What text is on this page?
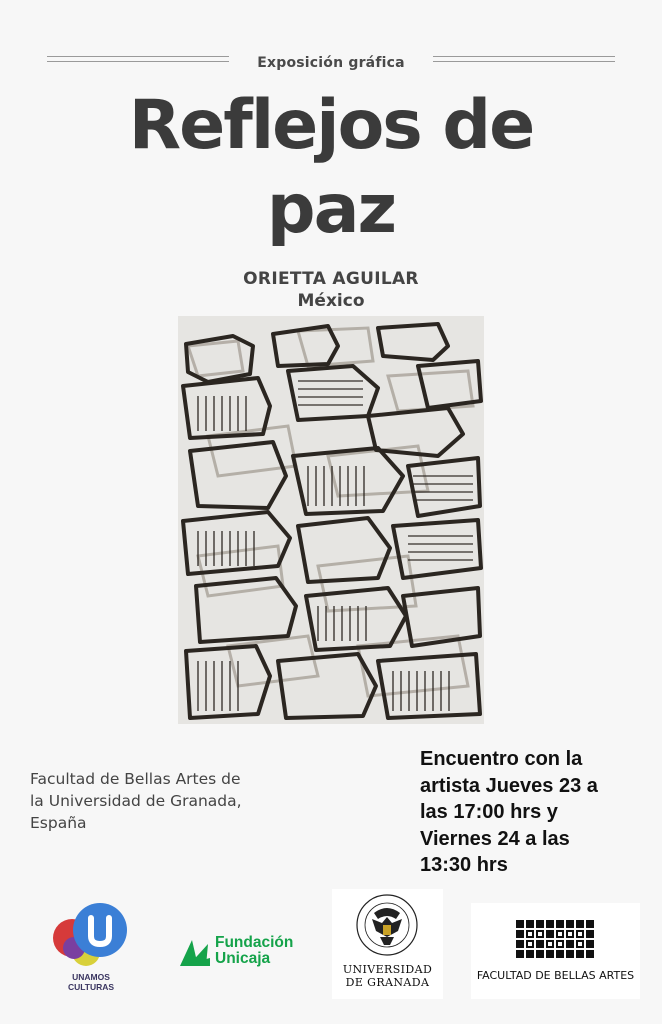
Exposición gráfica
Reflejos de
paz
ORIETTA AGUILAR
México
Facultad de Bellas Artes de
la Universidad de Granada,
España
Encuentro con la
artista Jueves 23 a
las 17:00 hrs y
Viernes 24 a las
13:30 hrs
UNAMOS
CULTURAS
Fundación
Unicaja
UNIVERSIDAD
DE GRANADA
FACULTAD DE BELLAS ARTES
